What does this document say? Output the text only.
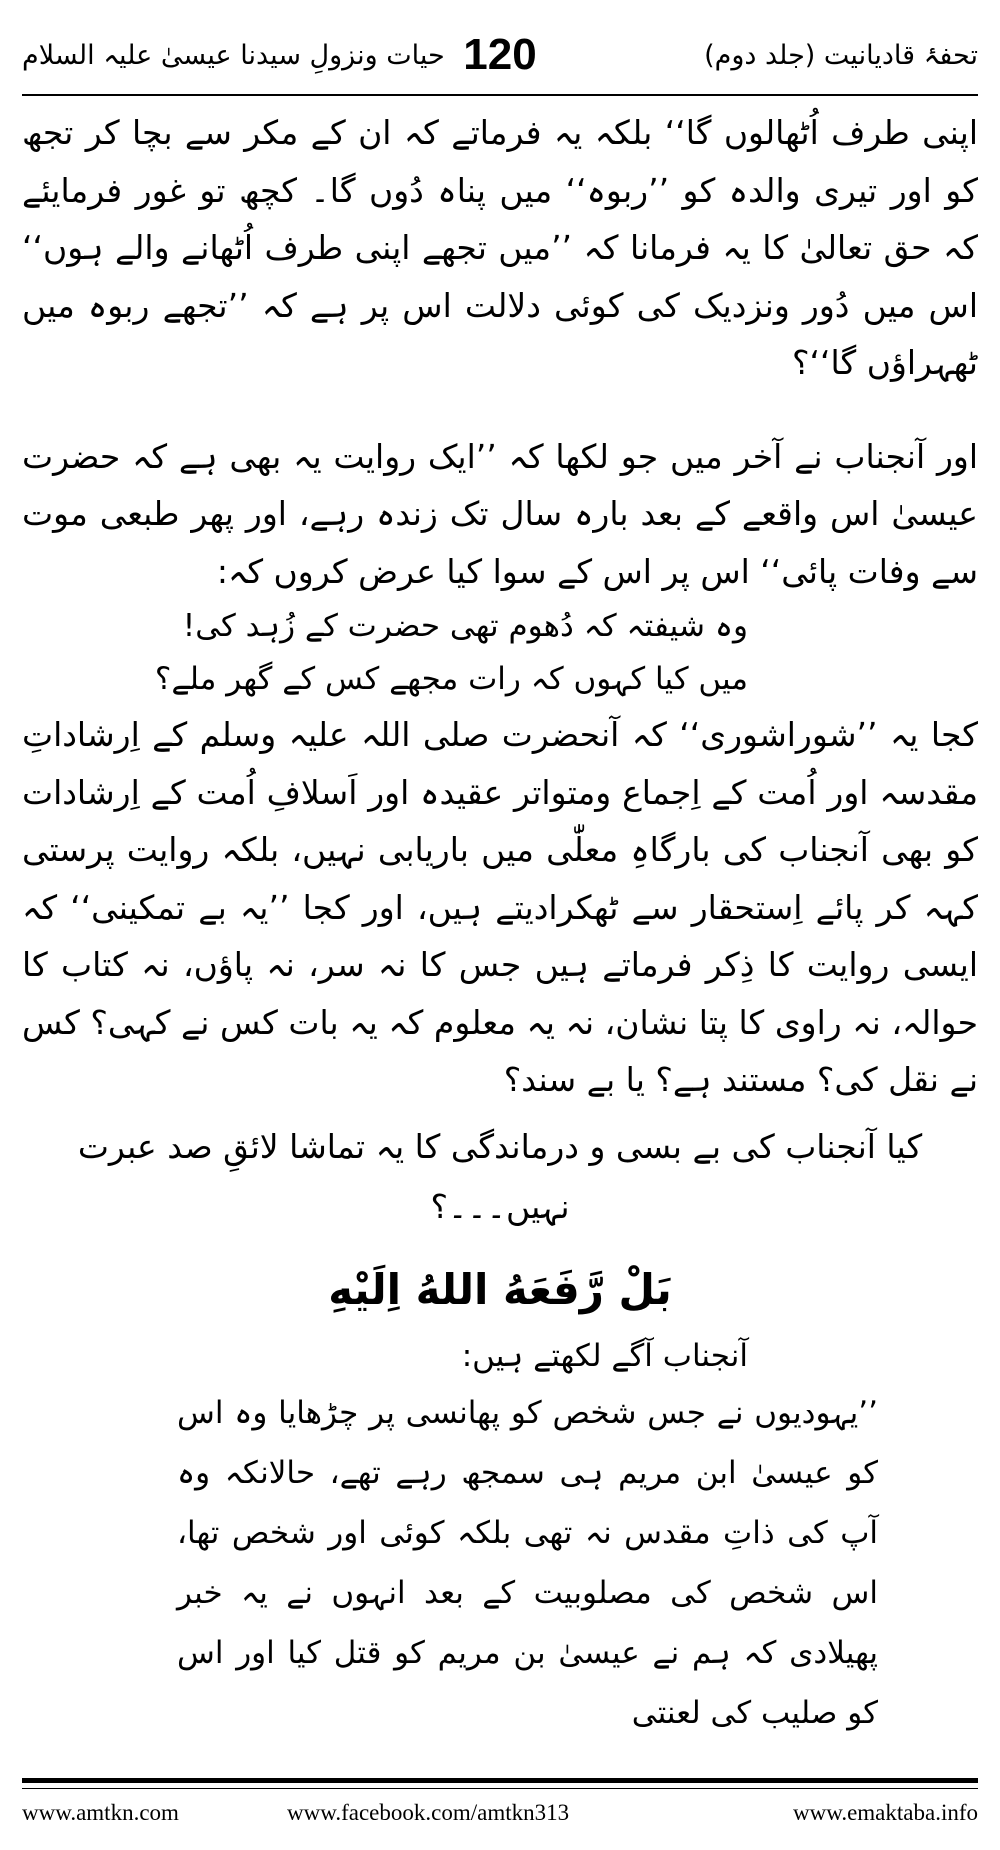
تحفۂ قادیانیت (جلد دوم)
120
حیات ونزولِ سیدنا عیسیٰ علیہ السلام

اپنی طرف اُٹھالوں گا‘‘ بلکہ یہ فرماتے کہ ان کے مکر سے بچا کر تجھ کو اور تیری والدہ کو ’’ربوہ‘‘ میں پناہ دُوں گا۔ کچھ تو غور فرمایئے کہ حق تعالیٰ کا یہ فرمانا کہ ’’میں تجھے اپنی طرف اُٹھانے والے ہوں‘‘ اس میں دُور ونزدیک کی کوئی دلالت اس پر ہے کہ ’’تجھے ربوہ میں ٹھہراؤں گا‘‘؟

اور آنجناب نے آخر میں جو لکھا کہ ’’ایک روایت یہ بھی ہے کہ حضرت عیسیٰ اس واقعے کے بعد بارہ سال تک زندہ رہے، اور پھر طبعی موت سے وفات پائی‘‘ اس پر اس کے سوا کیا عرض کروں کہ:

وہ شیفتہ کہ دُھوم تھی حضرت کے زُہد کی!

میں کیا کہوں کہ رات مجھے کس کے گھر ملے؟

کجا یہ ’’شوراشوری‘‘ کہ آنحضرت صلی اللہ علیہ وسلم کے اِرشاداتِ مقدسہ اور اُمت کے اِجماع ومتواتر عقیدہ اور اَسلافِ اُمت کے اِرشادات کو بھی آنجناب کی بارگاہِ معلّٰی میں باریابی نہیں، بلکہ روایت پرستی کہہ کر پائے اِستحقار سے ٹھکرادیتے ہیں، اور کجا ’’یہ بے تمکینی‘‘ کہ ایسی روایت کا ذِکر فرماتے ہیں جس کا نہ سر، نہ پاؤں، نہ کتاب کا حوالہ، نہ راوی کا پتا نشان، نہ یہ معلوم کہ یہ بات کس نے کہی؟ کس نے نقل کی؟ مستند ہے؟ یا بے سند؟

کیا آنجناب کی بے بسی و درماندگی کا یہ تماشا لائقِ صد عبرت نہیں۔۔۔؟

بَلْ رَّفَعَهُ اللهُ اِلَيْهِ

آنجناب آگے لکھتے ہیں:

’’یہودیوں نے جس شخص کو پھانسی پر چڑھایا وہ اس کو عیسیٰ ابن مریم ہی سمجھ رہے تھے، حالانکہ وہ آپ کی ذاتِ مقدس نہ تھی بلکہ کوئی اور شخص تھا، اس شخص کی مصلوبیت کے بعد انہوں نے یہ خبر پھیلادی کہ ہم نے عیسیٰ بن مریم کو قتل کیا اور اس کو صلیب کی لعنتی

www.amtkn.com	www.facebook.com/amtkn313	www.emaktaba.info
